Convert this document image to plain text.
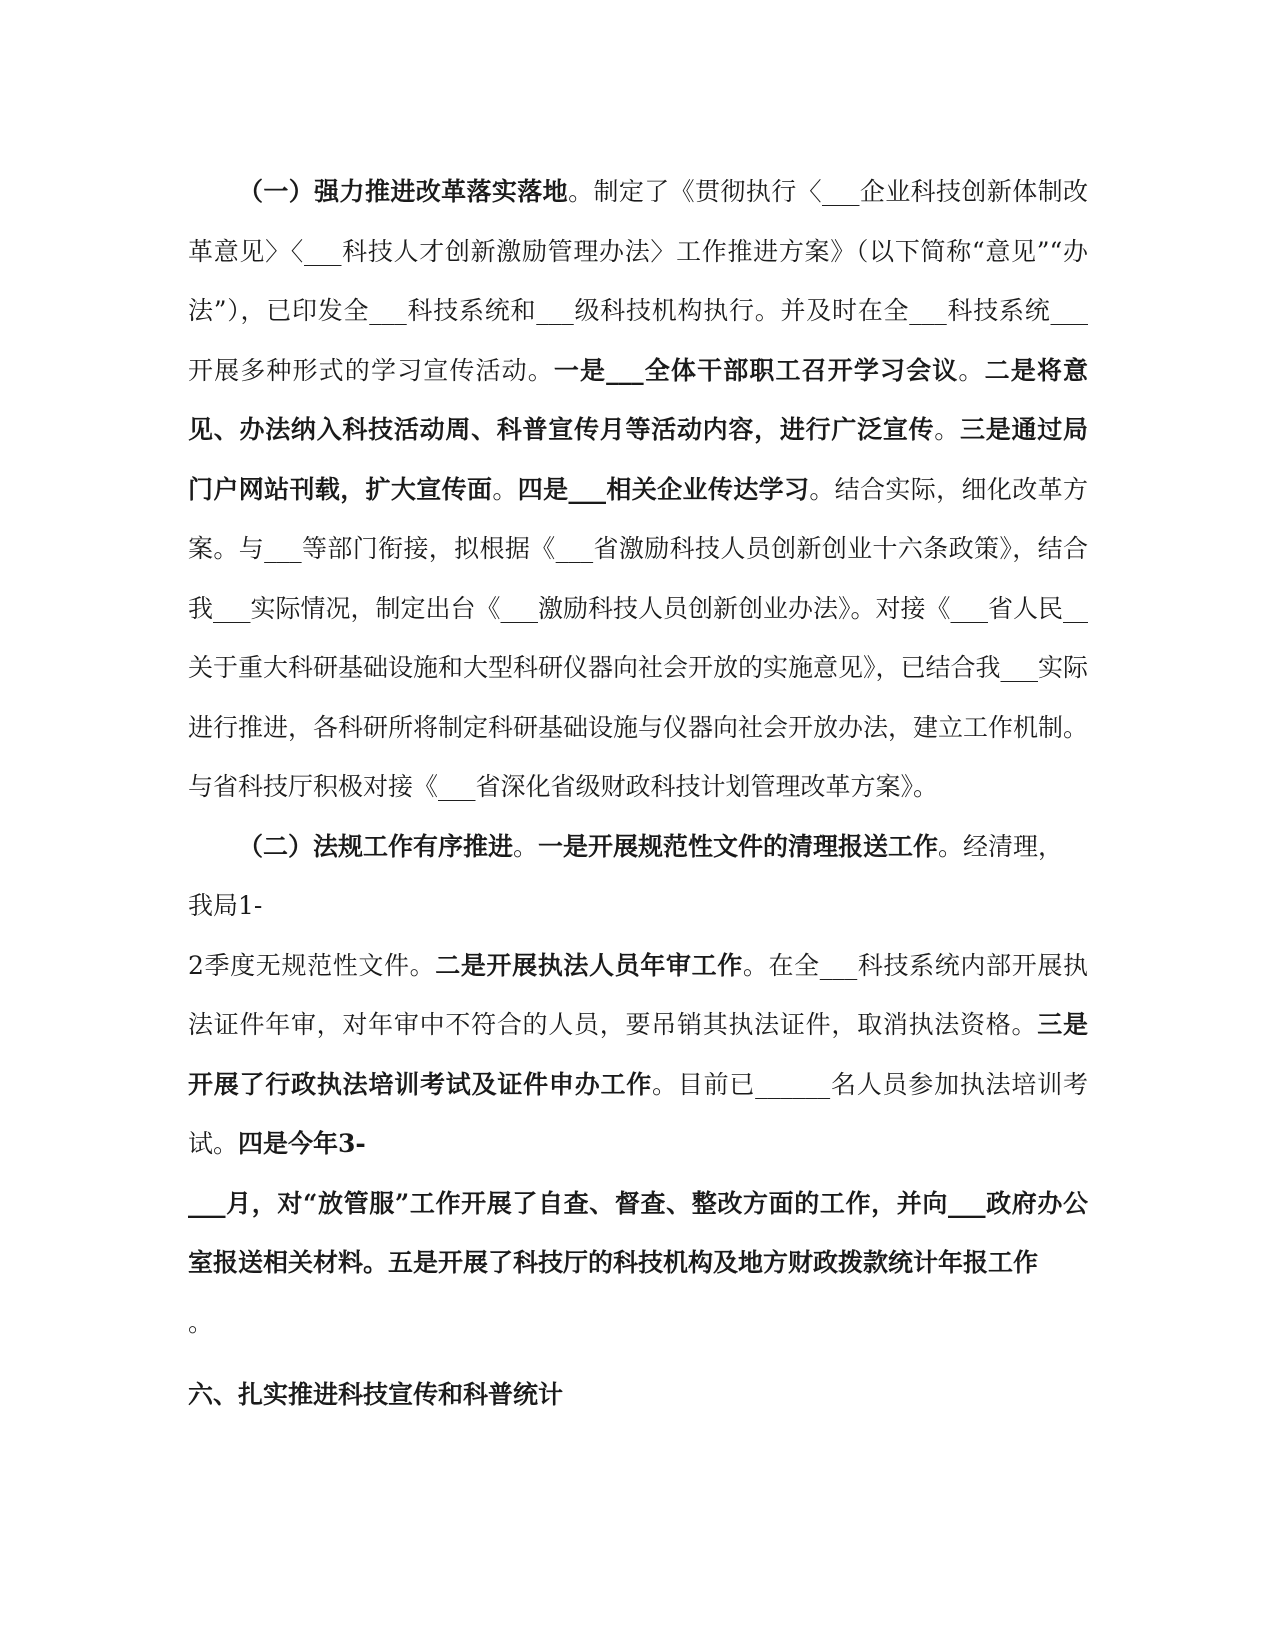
（一）强力推进改革落实落地。制定了《贯彻执行〈___企业科技创新体制改革意见〉〈___科技人才创新激励管理办法〉工作推进方案》（以下简称“意见”“办法”），已印发全___科技系统和___级科技机构执行。并及时在全___科技系统___开展多种形式的学习宣传活动。一是___全体干部职工召开学习会议。二是将意见、办法纳入科技活动周、科普宣传月等活动内容，进行广泛宣传。三是通过局门户网站刊载，扩大宣传面。四是___相关企业传达学习。结合实际，细化改革方案。与___等部门衔接，拟根据《___省激励科技人员创新创业十六条政策》，结合我___实际情况，制定出台《___激励科技人员创新创业办法》。对接《___省人民__关于重大科研基础设施和大型科研仪器向社会开放的实施意见》，已结合我___实际进行推进，各科研所将制定科研基础设施与仪器向社会开放办法，建立工作机制。与省科技厅积极对接《___省深化省级财政科技计划管理改革方案》。

（二）法规工作有序推进。一是开展规范性文件的清理报送工作。经清理，

我局1-

2季度无规范性文件。二是开展执法人员年审工作。在全___科技系统内部开展执法证件年审，对年审中不符合的人员，要吊销其执法证件，取消执法资格。三是开展了行政执法培训考试及证件申办工作。目前已______名人员参加执法培训考试。四是今年3-

___月，对“放管服”工作开展了自查、督查、整改方面的工作，并向___政府办公室报送相关材料。五是开展了科技厅的科技机构及地方财政拨款统计年报工作

。

六、扎实推进科技宣传和科普统计
